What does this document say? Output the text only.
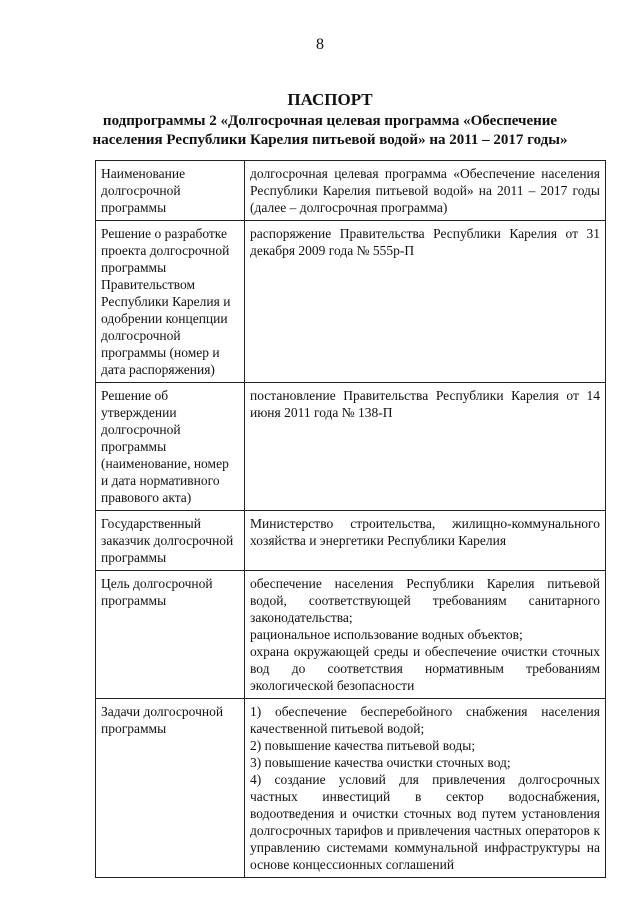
8
ПАСПОРТ
подпрограммы 2 «Долгосрочная целевая программа «Обеспечение
населения Республики Карелия питьевой водой» на 2011 – 2017 годы»
Наименование долгосрочной программы	долгосрочная целевая программа «Обеспечение населения Республики Карелия питьевой водой» на 2011 – 2017 годы (далее – долгосрочная программа)

Решение о разработке проекта долгосрочной программы Правительством Республики Карелия и одобрении концепции долгосрочной программы (номер и дата распоряжения)	распоряжение Правительства Республики Карелия от 31 декабря 2009 года № 555р-П

Решение об утверждении долгосрочной программы (наименование, номер и дата нормативного правового акта)	постановление Правительства Республики Карелия от 14 июня 2011 года № 138-П

Государственный заказчик долгосрочной программы	Министерство строительства, жилищно-коммунального хозяйства и энергетики Республики Карелия

Цель долгосрочной программы	обеспечение населения Республики Карелия питьевой водой, соответствующей требованиям санитарного законодательства;
рациональное использование водных объектов;
охрана окружающей среды и обеспечение очистки сточных вод до соответствия нормативным требованиям экологической безопасности

Задачи долгосрочной программы	1) обеспечение бесперебойного снабжения населения качественной питьевой водой;
2) повышение качества питьевой воды;
3) повышение качества очистки сточных вод;
4) создание условий для привлечения долгосрочных частных инвестиций в сектор водоснабжения, водоотведения и очистки сточных вод путем установления долгосрочных тарифов и привлечения частных операторов к управлению системами коммунальной инфраструктуры на основе концессионных соглашений
